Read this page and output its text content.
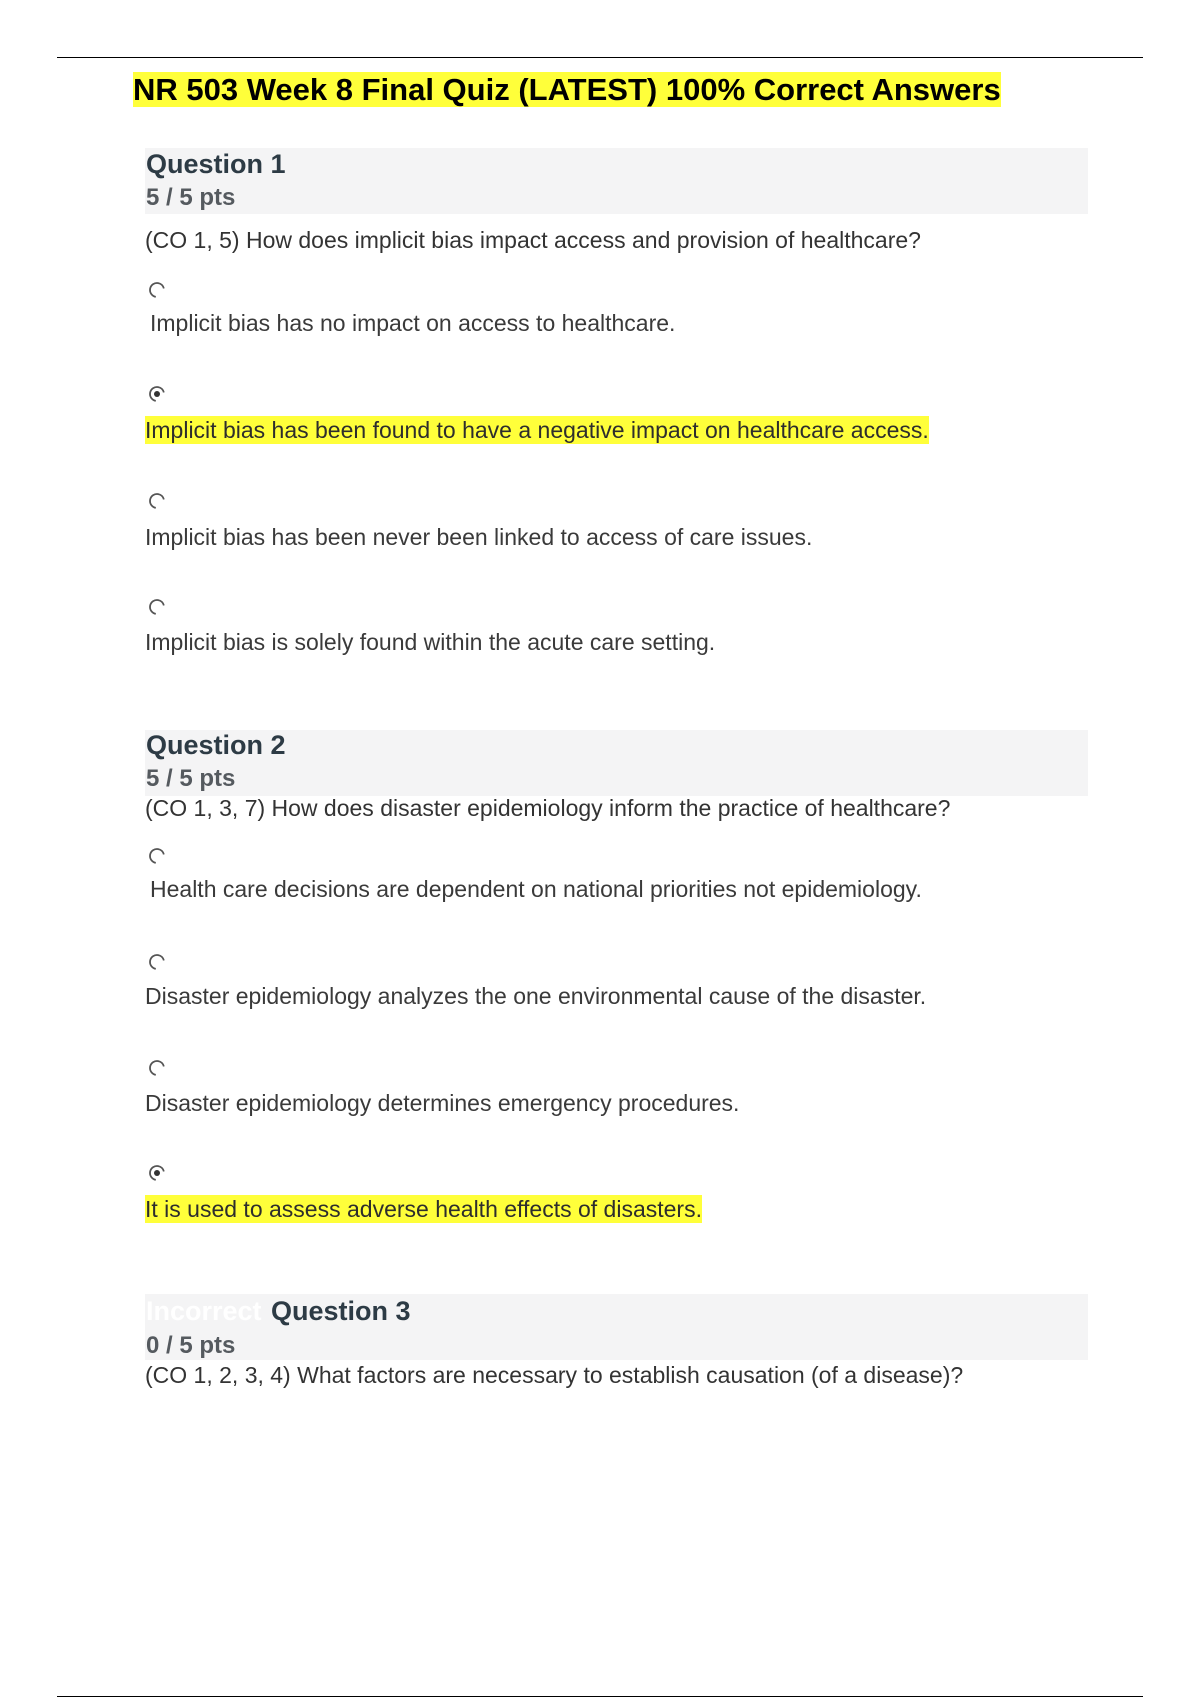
NR 503 Week 8 Final Quiz (LATEST) 100% Correct Answers
Question 1
5 / 5 pts
(CO 1, 5) How does implicit bias impact access and provision of healthcare?
Implicit bias has no impact on access to healthcare.
Implicit bias has been found to have a negative impact on healthcare access.
Implicit bias has been never been linked to access of care issues.
Implicit bias is solely found within the acute care setting.
Question 2
5 / 5 pts
(CO 1, 3, 7) How does disaster epidemiology inform the practice of healthcare?
Health care decisions are dependent on national priorities not epidemiology.
Disaster epidemiology analyzes the one environmental cause of the disaster.
Disaster epidemiology determines emergency procedures.
It is used to assess adverse health effects of disasters.
Incorrect Question 3
0 / 5 pts
(CO 1, 2, 3, 4) What factors are necessary to establish causation (of a disease)?
